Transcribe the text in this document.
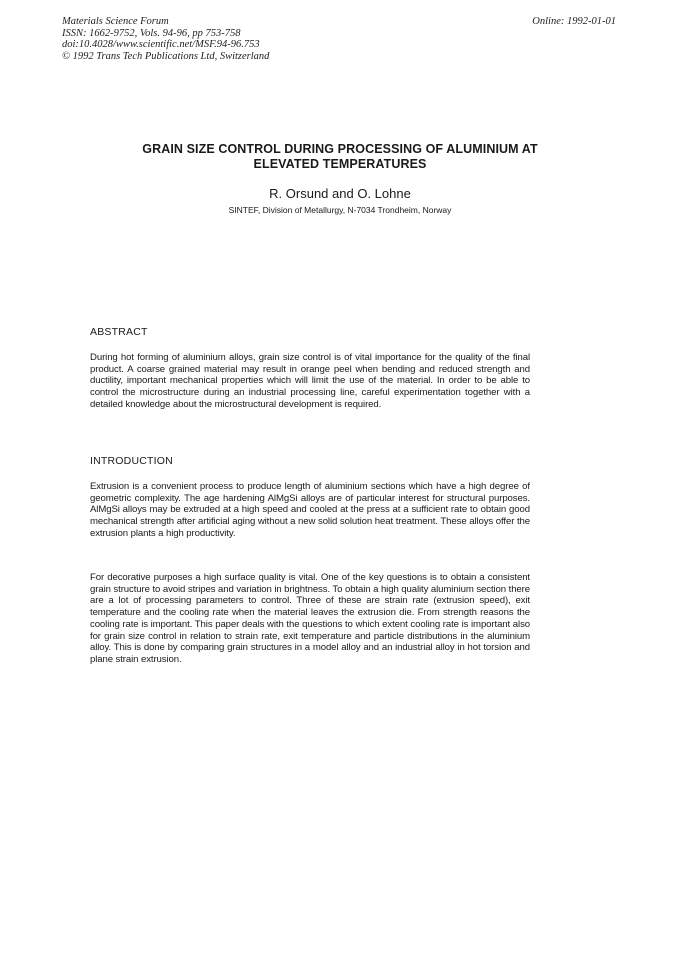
Materials Science Forum
ISSN: 1662-9752, Vols. 94-96, pp 753-758
doi:10.4028/www.scientific.net/MSF.94-96.753
© 1992 Trans Tech Publications Ltd, Switzerland
Online: 1992-01-01
GRAIN SIZE CONTROL DURING PROCESSING OF ALUMINIUM AT
ELEVATED TEMPERATURES
R. Orsund and O. Lohne
SINTEF, Division of Metallurgy, N-7034 Trondheim, Norway
ABSTRACT

During hot forming of aluminium alloys, grain size control is of vital importance for the quality of the final product. A coarse grained material may result in orange peel when bending and reduced strength and ductility, important mechanical properties which will limit the use of the material. In order to be able to control the microstructure during an industrial processing line, careful experimentation together with a detailed knowledge about the microstructural development is required.

INTRODUCTION

Extrusion is a convenient process to produce length of aluminium sections which have a high degree of geometric complexity. The age hardening AlMgSi alloys are of particular interest for structural purposes. AlMgSi alloys may be extruded at a high speed and cooled at the press at a sufficient rate to obtain good mechanical strength after artificial aging without a new solid solution heat treatment. These alloys offer the extrusion plants a high productivity.

For decorative purposes a high surface quality is vital. One of the key questions is to obtain a consistent grain structure to avoid stripes and variation in brightness. To obtain a high quality aluminium section there are a lot of processing parameters to control. Three of these are strain rate (extrusion speed), exit temperature and the cooling rate when the material leaves the extrusion die. From strength reasons the cooling rate is important. This paper deals with the questions to which extent cooling rate is important also for grain size control in relation to strain rate, exit temperature and particle distributions in the aluminium alloy. This is done by comparing grain structures in a model alloy and an industrial alloy in hot torsion and plane strain extrusion.
